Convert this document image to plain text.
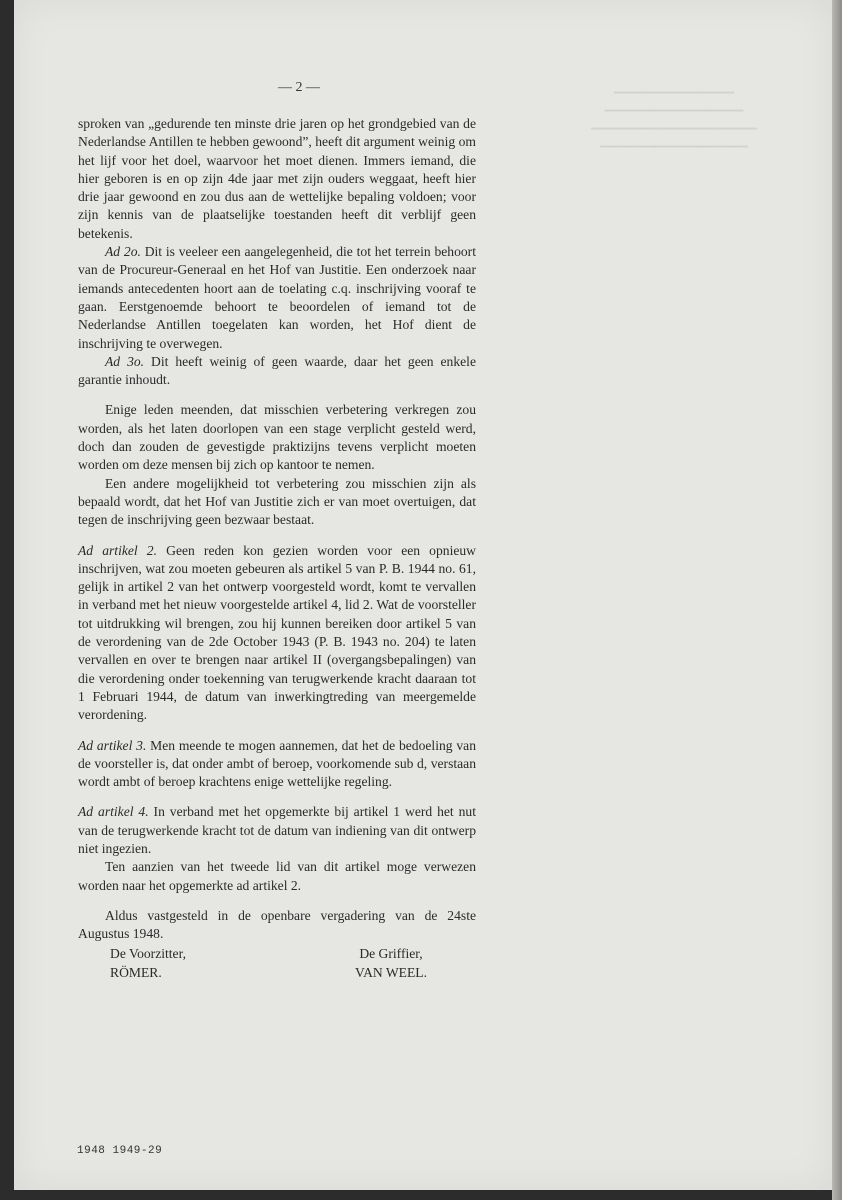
▔▔▔▔▔▔▔▔▔▔▔▔▔
▔▔▔▔▔▔▔▔▔▔▔▔▔▔▔
▔▔▔▔▔▔▔▔▔▔▔▔▔▔▔▔▔▔
▔▔▔▔▔▔▔▔▔▔▔▔▔▔▔▔
— 2 —

sproken van „gedurende ten minste drie jaren op het grondgebied van de Nederlandse Antillen te hebben gewoond”, heeft dit argument weinig om het lijf voor het doel, waarvoor het moet dienen. Immers iemand, die hier geboren is en op zijn 4de jaar met zijn ouders weggaat, heeft hier drie jaar gewoond en zou dus aan de wettelijke bepaling voldoen; voor zijn kennis van de plaatselijke toestanden heeft dit verblijf geen betekenis.

Ad 2o. Dit is veeleer een aangelegenheid, die tot het terrein behoort van de Procureur-Generaal en het Hof van Justitie. Een onderzoek naar iemands antecedenten hoort aan de toelating c.q. inschrijving vooraf te gaan. Eerstgenoemde behoort te beoordelen of iemand tot de Nederlandse Antillen toegelaten kan worden, het Hof dient de inschrijving te overwegen.

Ad 3o. Dit heeft weinig of geen waarde, daar het geen enkele garantie inhoudt.

Enige leden meenden, dat misschien verbetering verkregen zou worden, als het laten doorlopen van een stage verplicht gesteld werd, doch dan zouden de gevestigde praktizijns tevens verplicht moeten worden om deze mensen bij zich op kantoor te nemen.

Een andere mogelijkheid tot verbetering zou misschien zijn als bepaald wordt, dat het Hof van Justitie zich er van moet overtuigen, dat tegen de inschrijving geen bezwaar bestaat.

Ad artikel 2. Geen reden kon gezien worden voor een opnieuw inschrijven, wat zou moeten gebeuren als artikel 5 van P. B. 1944 no. 61, gelijk in artikel 2 van het ontwerp voorgesteld wordt, komt te vervallen in verband met het nieuw voorgestelde artikel 4, lid 2. Wat de voorsteller tot uitdrukking wil brengen, zou hij kunnen bereiken door artikel 5 van de verordening van de 2de October 1943 (P. B. 1943 no. 204) te laten vervallen en over te brengen naar artikel II (overgangsbepalingen) van die verordening onder toekenning van terugwerkende kracht daaraan tot 1 Februari 1944, de datum van inwerkingtreding van meergemelde verordening.

Ad artikel 3. Men meende te mogen aannemen, dat het de bedoeling van de voorsteller is, dat onder ambt of beroep, voorkomende sub d, verstaan wordt ambt of beroep krachtens enige wettelijke regeling.

Ad artikel 4. In verband met het opgemerkte bij artikel 1 werd het nut van de terugwerkende kracht tot de datum van indiening van dit ontwerp niet ingezien.

Ten aanzien van het tweede lid van dit artikel moge verwezen worden naar het opgemerkte ad artikel 2.

Aldus vastgesteld in de openbare vergadering van de 24ste Augustus 1948.

De Voorzitter,
RÖMER.
De Griffier,
VAN WEEL.
1948 1949-29
